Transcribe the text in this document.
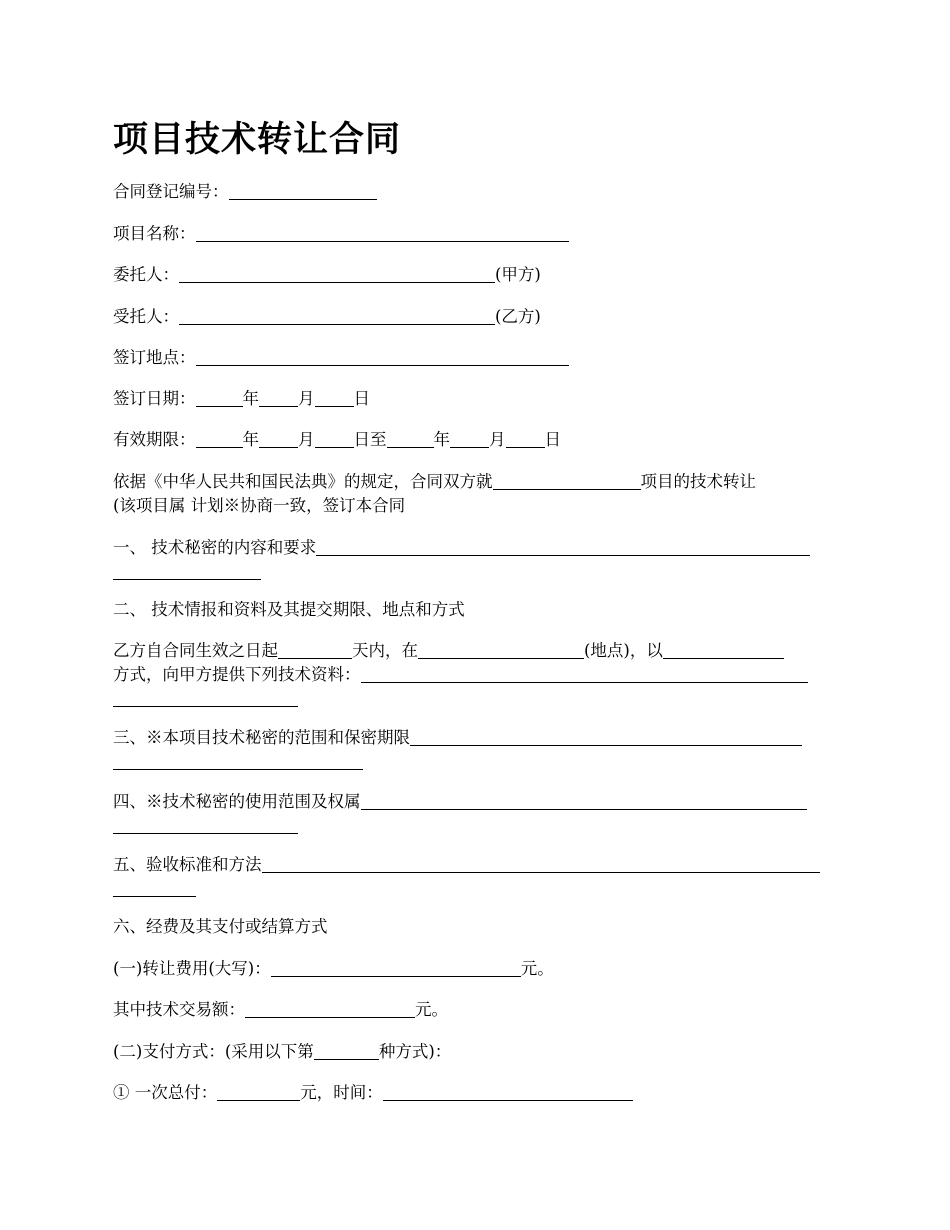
项目技术转让合同
合同登记编号：
项目名称：
委托人：	(甲方)
受托人：	(乙方)
签订地点：
签订日期：	年 月 日
有效期限：	年 月 日至	年 月 日
依据《中华人民共和国民法典》的规定，合同双方就	项目的技术转让
(该项目属 计划※协商一致，签订本合同
一、 技术秘密的内容和要求
二、 技术情报和资料及其提交期限、地点和方式
乙方自合同生效之日起	天内，在	(地点)，以
方式，向甲方提供下列技术资料：
三、※本项目技术秘密的范围和保密期限
四、※技术秘密的使用范围及权属
五、验收标准和方法
六、经费及其支付或结算方式
(一)转让费用(大写)：	元。
其中技术交易额：	元。
(二)支付方式：(采用以下第	种方式)：
① 一次总付：	元，时间：
